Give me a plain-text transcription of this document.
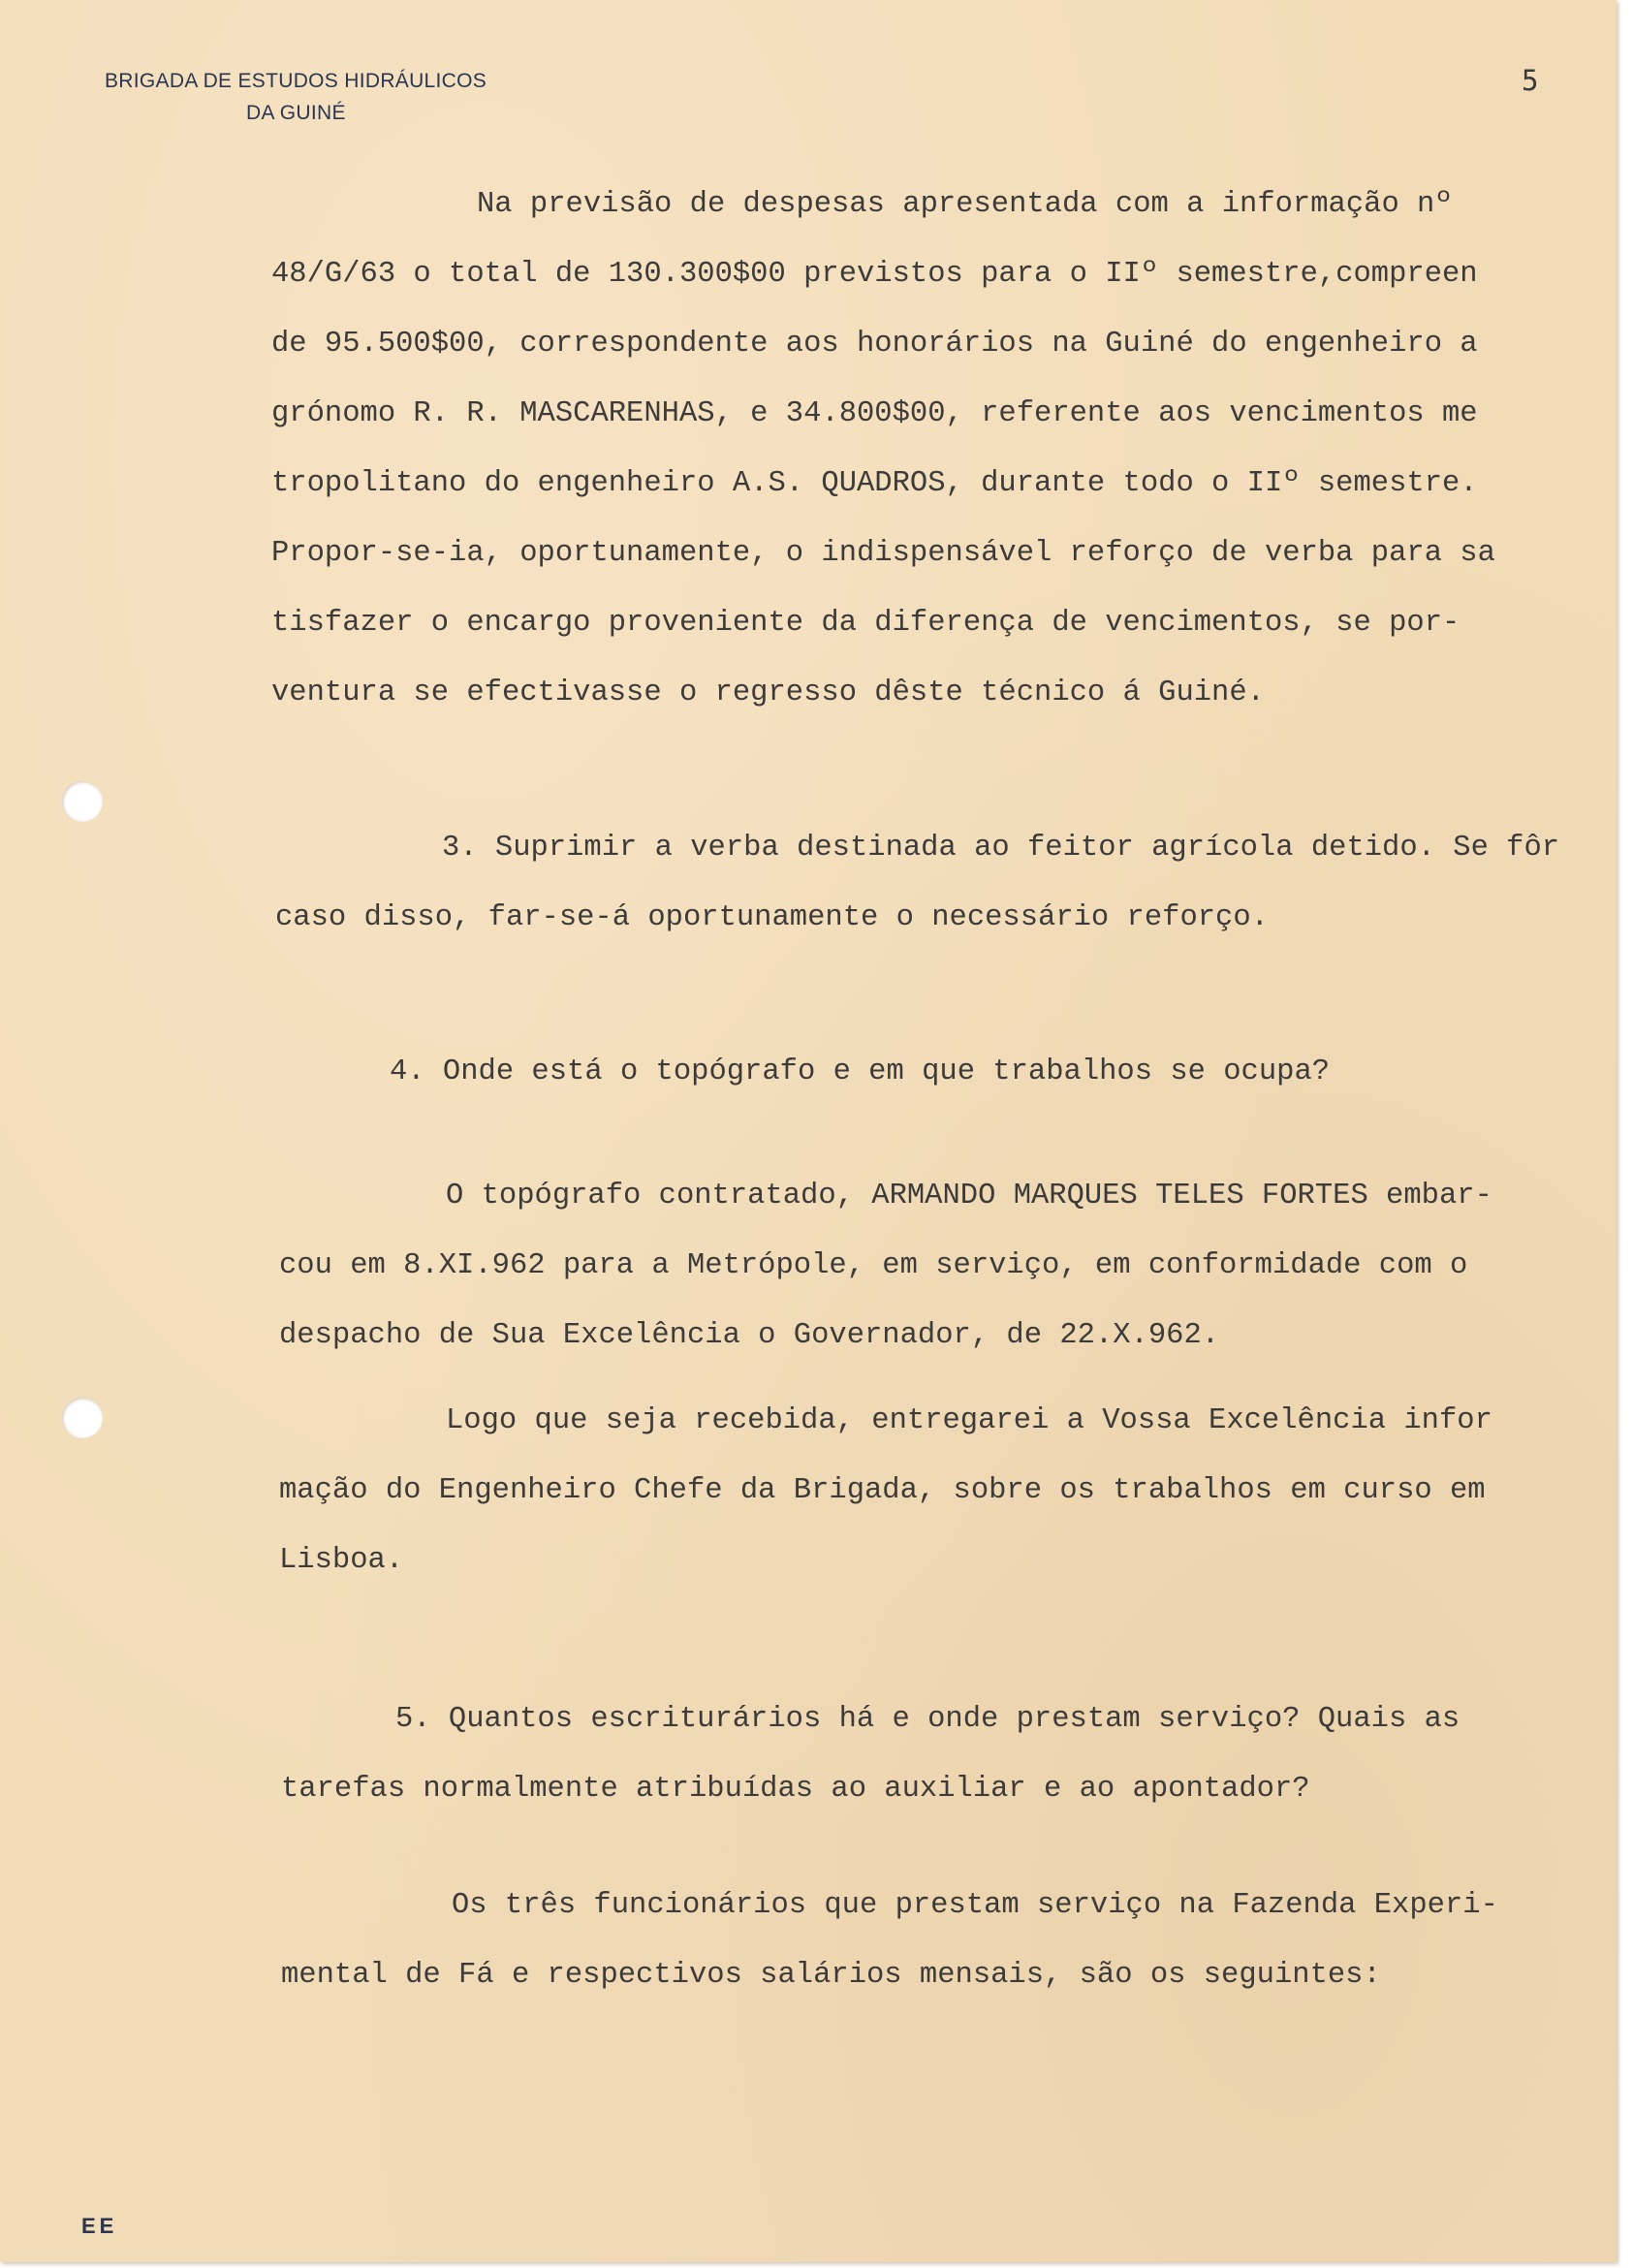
BRIGADA DE ESTUDOS HIDRÁULICOS
DA GUINÉ
5
Na previsão de despesas apresentada com a informação nº
48/G/63 o total de 130.300$00 previstos para o IIº semestre,compreen
de 95.500$00, correspondente aos honorários na Guiné do engenheiro a
grónomo R. R. MASCARENHAS, e 34.800$00, referente aos vencimentos me
tropolitano do engenheiro A.S. QUADROS, durante todo o IIº semestre.
Propor-se-ia, oportunamente, o indispensável reforço de verba para sa
tisfazer o encargo proveniente da diferença de vencimentos, se por-
ventura se efectivasse o regresso dêste técnico á Guiné.
3. Suprimir a verba destinada ao feitor agrícola detido. Se fôr
caso disso, far-se-á oportunamente o necessário reforço.
4. Onde está o topógrafo e em que trabalhos se ocupa?
O topógrafo contratado, ARMANDO MARQUES TELES FORTES embar-
cou em 8.XI.962 para a Metrópole, em serviço, em conformidade com o
despacho de Sua Excelência o Governador, de 22.X.962.
Logo que seja recebida, entregarei a Vossa Excelência infor
mação do Engenheiro Chefe da Brigada, sobre os trabalhos em curso em
Lisboa.
5. Quantos escriturários há e onde prestam serviço? Quais as
tarefas normalmente atribuídas ao auxiliar e ao apontador?
Os três funcionários que prestam serviço na Fazenda Experi-
mental de Fá e respectivos salários mensais, são os seguintes:
EE
